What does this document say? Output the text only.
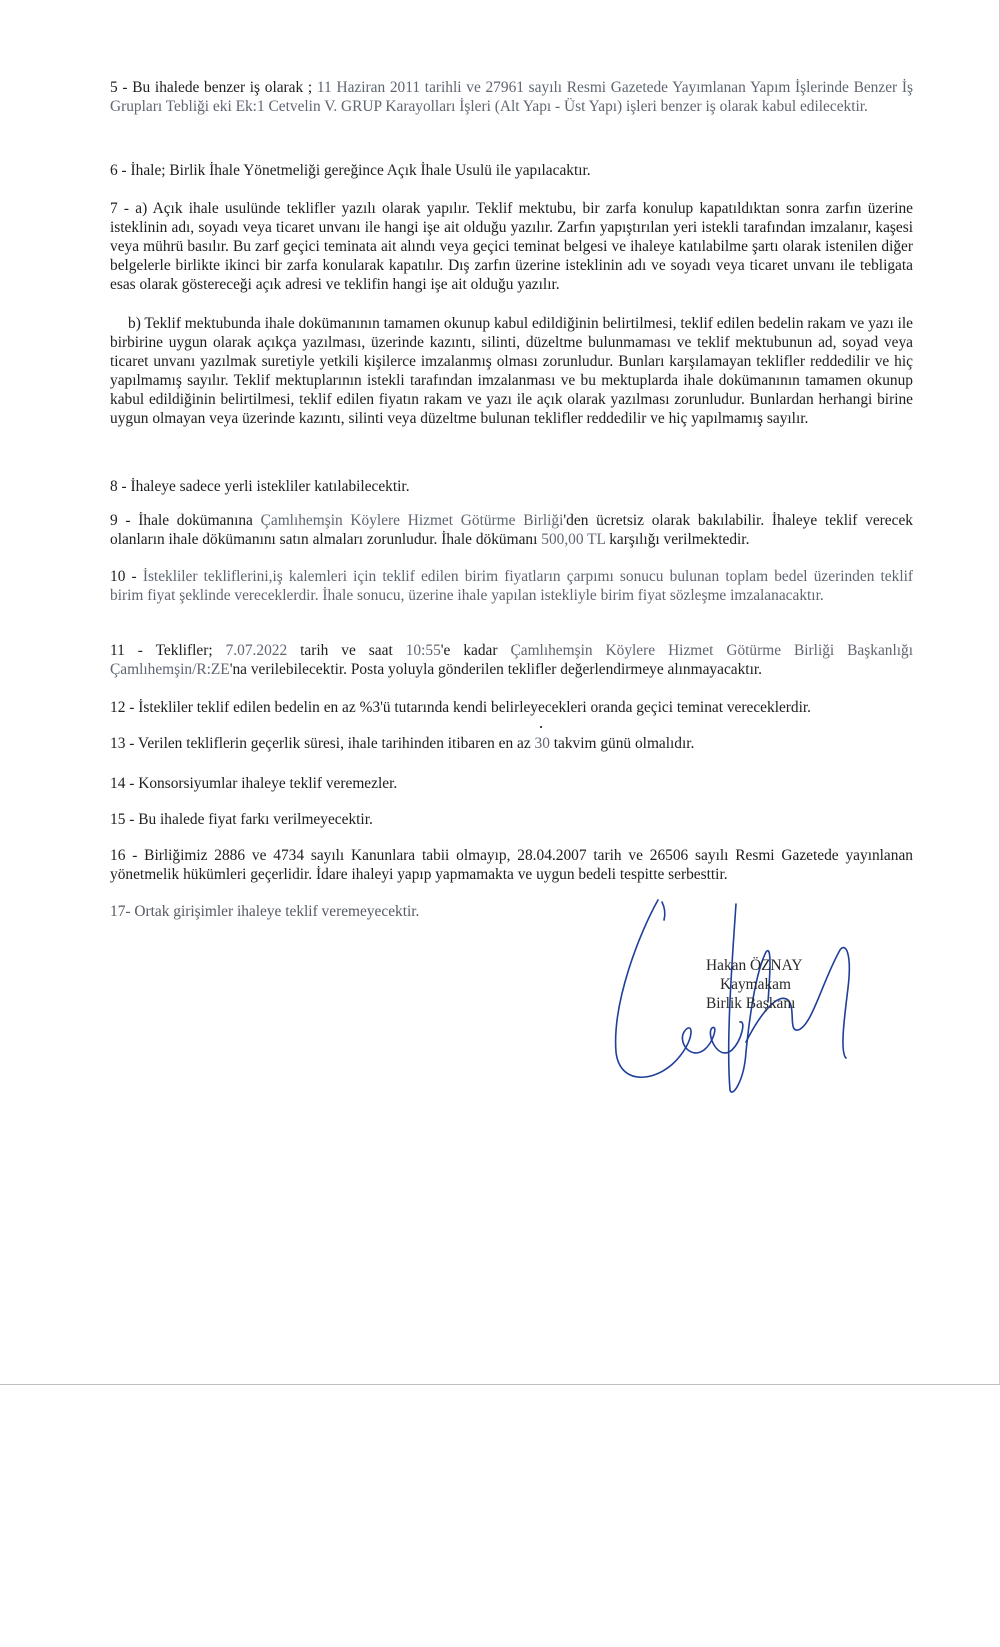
5 - Bu ihalede benzer iş olarak ; 11 Haziran 2011 tarihli ve 27961 sayılı Resmi Gazetede Yayımlanan Yapım İşlerinde Benzer İş Grupları Tebliği eki Ek:1 Cetvelin V. GRUP Karayolları İşleri (Alt Yapı - Üst Yapı) işleri benzer iş olarak kabul edilecektir.

6 - İhale; Birlik İhale Yönetmeliği gereğince Açık İhale Usulü ile yapılacaktır.

7 - a) Açık ihale usulünde teklifler yazılı olarak yapılır. Teklif mektubu, bir zarfa konulup kapatıldıktan sonra zarfın üzerine isteklinin adı, soyadı veya ticaret unvanı ile hangi işe ait olduğu yazılır. Zarfın yapıştırılan yeri istekli tarafından imzalanır, kaşesi veya mührü basılır. Bu zarf geçici teminata ait alındı veya geçici teminat belgesi ve ihaleye katılabilme şartı olarak istenilen diğer belgelerle birlikte ikinci bir zarfa konularak kapatılır. Dış zarfın üzerine isteklinin adı ve soyadı veya ticaret unvanı ile tebligata esas olarak göstereceği açık adresi ve teklifin hangi işe ait olduğu yazılır.

b) Teklif mektubunda ihale dokümanının tamamen okunup kabul edildiğinin belirtilmesi, teklif edilen bedelin rakam ve yazı ile birbirine uygun olarak açıkça yazılması, üzerinde kazıntı, silinti, düzeltme bulunmaması ve teklif mektubunun ad, soyad veya ticaret unvanı yazılmak suretiyle yetkili kişilerce imzalanmış olması zorunludur. Bunları karşılamayan teklifler reddedilir ve hiç yapılmamış sayılır. Teklif mektuplarının istekli tarafından imzalanması ve bu mektuplarda ihale dokümanının tamamen okunup kabul edildiğinin belirtilmesi, teklif edilen fiyatın rakam ve yazı ile açık olarak yazılması zorunludur. Bunlardan herhangi birine uygun olmayan veya üzerinde kazıntı, silinti veya düzeltme bulunan teklifler reddedilir ve hiç yapılmamış sayılır.

8 - İhaleye sadece yerli istekliler katılabilecektir.

9 - İhale dokümanına Çamlıhemşin Köylere Hizmet Götürme Birliği'den ücretsiz olarak bakılabilir. İhaleye teklif verecek olanların ihale dökümanını satın almaları zorunludur. İhale dökümanı 500,00 TL karşılığı verilmektedir.

10 - İstekliler tekliflerini,iş kalemleri için teklif edilen birim fiyatların çarpımı sonucu bulunan toplam bedel üzerinden teklif birim fiyat şeklinde vereceklerdir. İhale sonucu, üzerine ihale yapılan istekliyle birim fiyat sözleşme imzalanacaktır.

11 - Teklifler; 7.07.2022 tarih ve saat 10:55'e kadar Çamlıhemşin Köylere Hizmet Götürme Birliği Başkanlığı Çamlıhemşin/R:ZE'na verilebilecektir. Posta yoluyla gönderilen teklifler değerlendirmeye alınmayacaktır.

12 - İstekliler teklif edilen bedelin en az %3'ü tutarında kendi belirleyecekleri oranda geçici teminat vereceklerdir.

13 - Verilen tekliflerin geçerlik süresi, ihale tarihinden itibaren en az 30 takvim günü olmalıdır.

14 - Konsorsiyumlar ihaleye teklif veremezler.

15 - Bu ihalede fiyat farkı verilmeyecektir.

16 - Birliğimiz 2886 ve 4734 sayılı Kanunlara tabii olmayıp, 28.04.2007 tarih ve 26506 sayılı Resmi Gazetede yayınlanan yönetmelik hükümleri geçerlidir. İdare ihaleyi yapıp yapmamakta ve uygun bedeli tespitte serbesttir.

17- Ortak girişimler ihaleye teklif veremeyecektir.

Hakan ÖZNAY
Kaymakam
Birlik Başkanı
